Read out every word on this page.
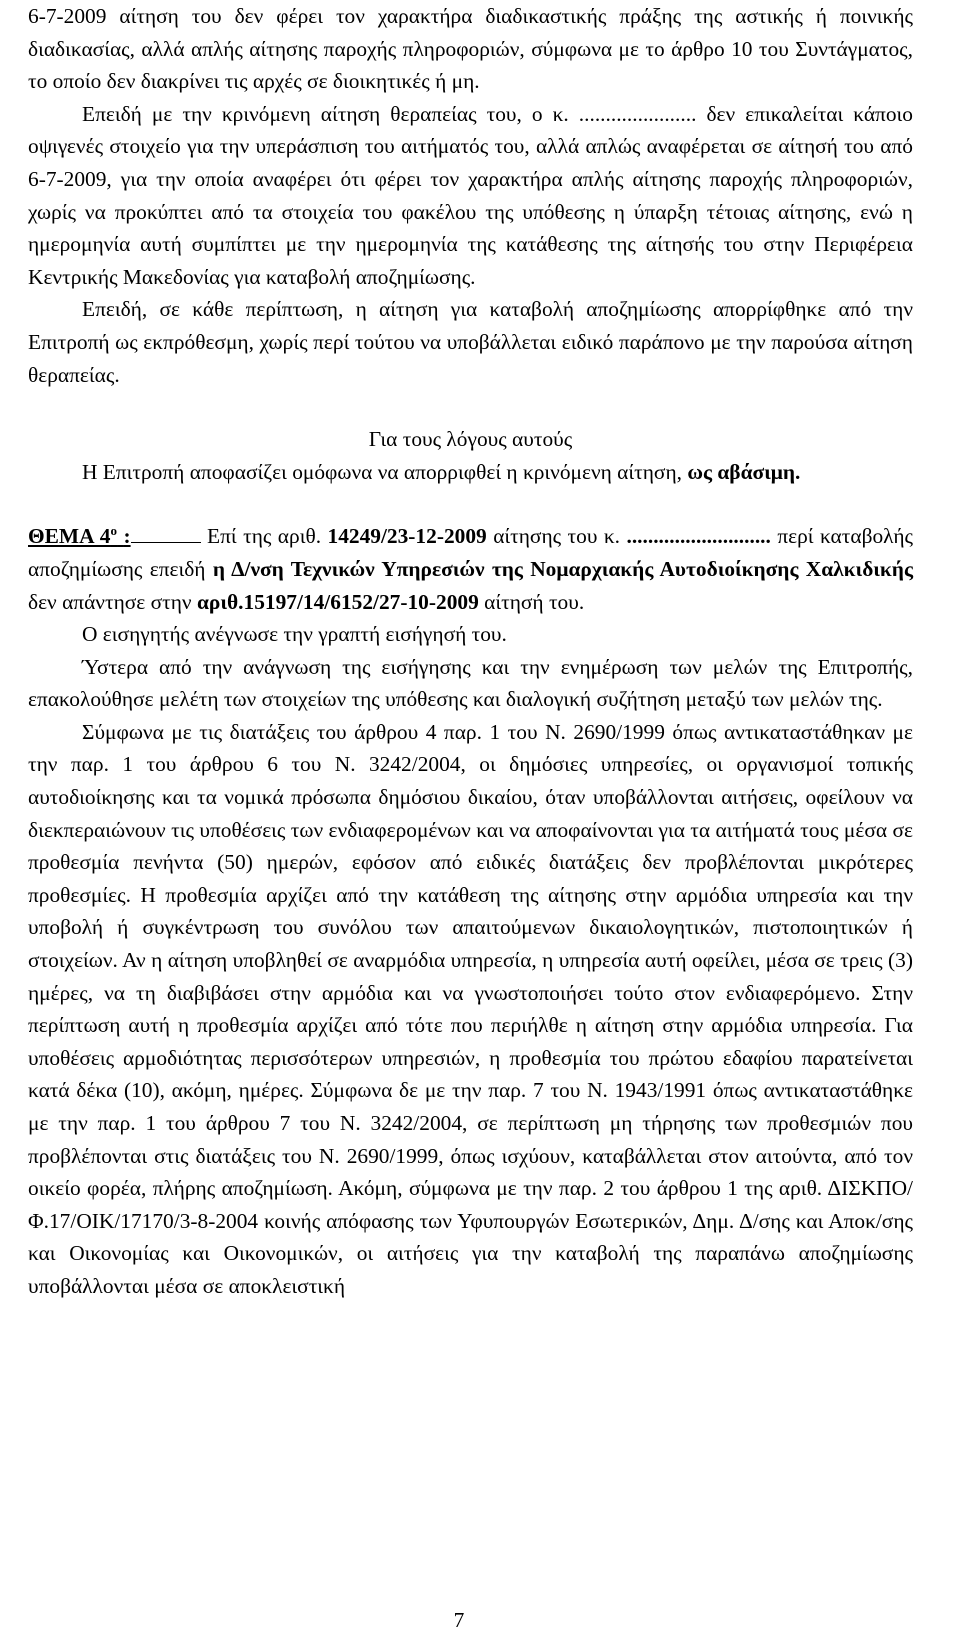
6-7-2009 αίτηση του δεν φέρει τον χαρακτήρα διαδικαστικής πράξης της αστικής ή ποινικής διαδικασίας, αλλά απλής αίτησης παροχής πληροφοριών, σύμφωνα με το άρθρο 10 του Συντάγματος, το οποίο δεν διακρίνει τις αρχές σε διοικητικές ή μη.

Επειδή με την κρινόμενη αίτηση θεραπείας του, ο κ. ...................... δεν επικαλείται κάποιο οψιγενές στοιχείο για την υπεράσπιση του αιτήματός του, αλλά απλώς αναφέρεται σε αίτησή του από 6-7-2009, για την οποία αναφέρει ότι φέρει τον χαρακτήρα απλής αίτησης παροχής πληροφοριών, χωρίς να προκύπτει από τα στοιχεία του φακέλου της υπόθεσης η ύπαρξη τέτοιας αίτησης, ενώ η ημερομηνία αυτή συμπίπτει με την ημερομηνία της κατάθεσης της αίτησής του στην Περιφέρεια Κεντρικής Μακεδονίας για καταβολή αποζημίωσης.

Επειδή, σε κάθε περίπτωση, η αίτηση για καταβολή αποζημίωσης απορρίφθηκε από την Επιτροπή ως εκπρόθεσμη, χωρίς περί τούτου να υποβάλλεται ειδικό παράπονο με την παρούσα αίτηση θεραπείας.

Για τους λόγους αυτούς

Η Επιτροπή αποφασίζει ομόφωνα να απορριφθεί η κρινόμενη αίτηση, ως αβάσιμη.

ΘΕΜΑ $4^o$ :	Επί της αριθ. 14249/23-12-2009 αίτησης του κ. ........................... περί καταβολής αποζημίωσης επειδή η Δ/νση Τεχνικών Υπηρεσιών της Νομαρχιακής Αυτοδιοίκησης Χαλκιδικής δεν απάντησε στην αριθ.15197/14/6152/27-10-2009 αίτησή του.

Ο εισηγητής ανέγνωσε την γραπτή εισήγησή του.

Ύστερα από την ανάγνωση της εισήγησης και την ενημέρωση των μελών της Επιτροπής, επακολούθησε μελέτη των στοιχείων της υπόθεσης και διαλογική συζήτηση μεταξύ των μελών της.

Σύμφωνα με τις διατάξεις του άρθρου 4 παρ. 1 του Ν. 2690/1999 όπως αντικαταστάθηκαν με την παρ. 1 του άρθρου 6 του Ν. 3242/2004, οι δημόσιες υπηρεσίες, οι οργανισμοί τοπικής αυτοδιοίκησης και τα νομικά πρόσωπα δημόσιου δικαίου, όταν υποβάλλονται αιτήσεις, οφείλουν να διεκπεραιώνουν τις υποθέσεις των ενδιαφερομένων και να αποφαίνονται για τα αιτήματά τους μέσα σε προθεσμία πενήντα (50) ημερών, εφόσον από ειδικές διατάξεις δεν προβλέπονται μικρότερες προθεσμίες. Η προθεσμία αρχίζει από την κατάθεση της αίτησης στην αρμόδια υπηρεσία και την υποβολή ή συγκέντρωση του συνόλου των απαιτούμενων δικαιολογητικών, πιστοποιητικών ή στοιχείων. Αν η αίτηση υποβληθεί σε αναρμόδια υπηρεσία, η υπηρεσία αυτή οφείλει, μέσα σε τρεις (3) ημέρες, να τη διαβιβάσει στην αρμόδια και να γνωστοποιήσει τούτο στον ενδιαφερόμενο. Στην περίπτωση αυτή η προθεσμία αρχίζει από τότε που περιήλθε η αίτηση στην αρμόδια υπηρεσία. Για υποθέσεις αρμοδιότητας περισσότερων υπηρεσιών, η προθεσμία του πρώτου εδαφίου παρατείνεται κατά δέκα (10), ακόμη, ημέρες. Σύμφωνα δε με την παρ. 7 του Ν. 1943/1991 όπως αντικαταστάθηκε με την παρ. 1 του άρθρου 7 του Ν. 3242/2004, σε περίπτωση μη τήρησης των προθεσμιών που προβλέπονται στις διατάξεις του Ν. 2690/1999, όπως ισχύουν, καταβάλλεται στον αιτούντα, από τον οικείο φορέα, πλήρης αποζημίωση. Ακόμη, σύμφωνα με την παρ. 2 του άρθρου 1 της αριθ. ΔΙΣΚΠΟ/Φ.17/ΟΙΚ/17170/3-8-2004 κοινής απόφασης των Υφυπουργών Εσωτερικών, Δημ. Δ/σης και Αποκ/σης και Οικονομίας και Οικονομικών, οι αιτήσεις για την καταβολή της παραπάνω αποζημίωσης υποβάλλονται μέσα σε αποκλειστική

7
